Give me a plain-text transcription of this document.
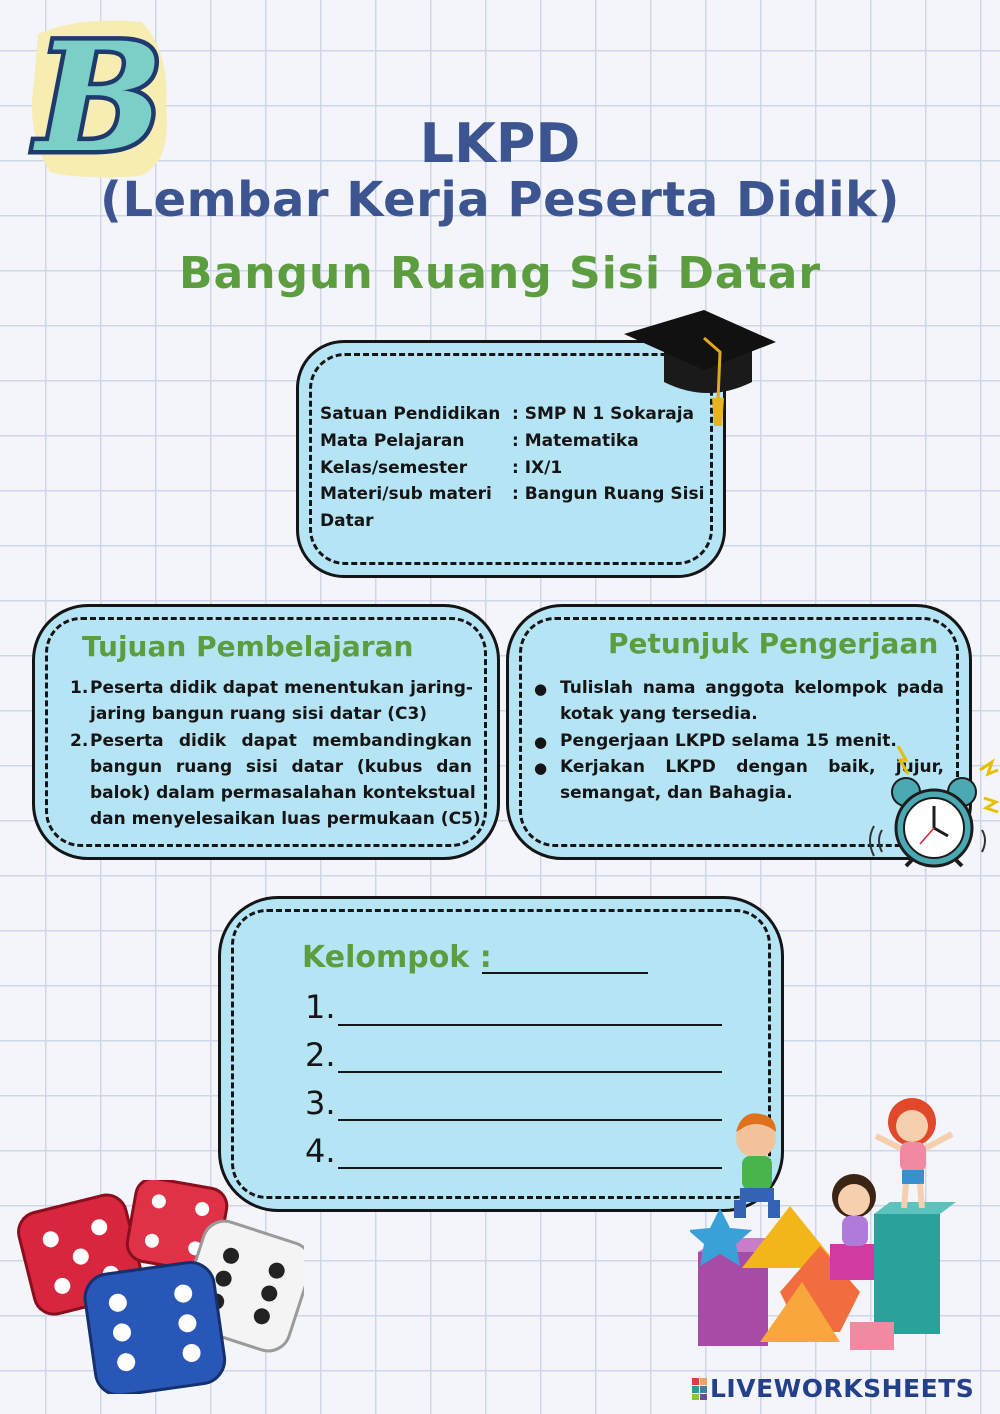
B	LKPD
(Lembar Kerja Peserta Didik)
Bangun Ruang Sisi Datar
Satuan Pendidikan : SMP N 1 Sokaraja
Mata Pelajaran	: Matematika
Kelas/semester	: IX/1
Materi/sub materi : Bangun Ruang Sisi
Datar
Tujuan Pembelajaran
1. Peserta didik dapat menentukan jaring-
jaring bangun ruang sisi datar (C3)
2. Peserta didik dapat membandingkan
bangun ruang sisi datar (kubus dan
balok) dalam permasalahan kontekstual
dan menyelesaikan luas permukaan (C5)
Petunjuk Pengerjaan
● Tulislah nama anggota kelompok pada
kotak yang tersedia.
● Pengerjaan LKPD selama 15 menit.
● Kerjakan LKPD dengan baik, jujur,
semangat, dan Bahagia.
Kelompok :
1.
2.
3.
4.
LIVEWORKSHEETS
